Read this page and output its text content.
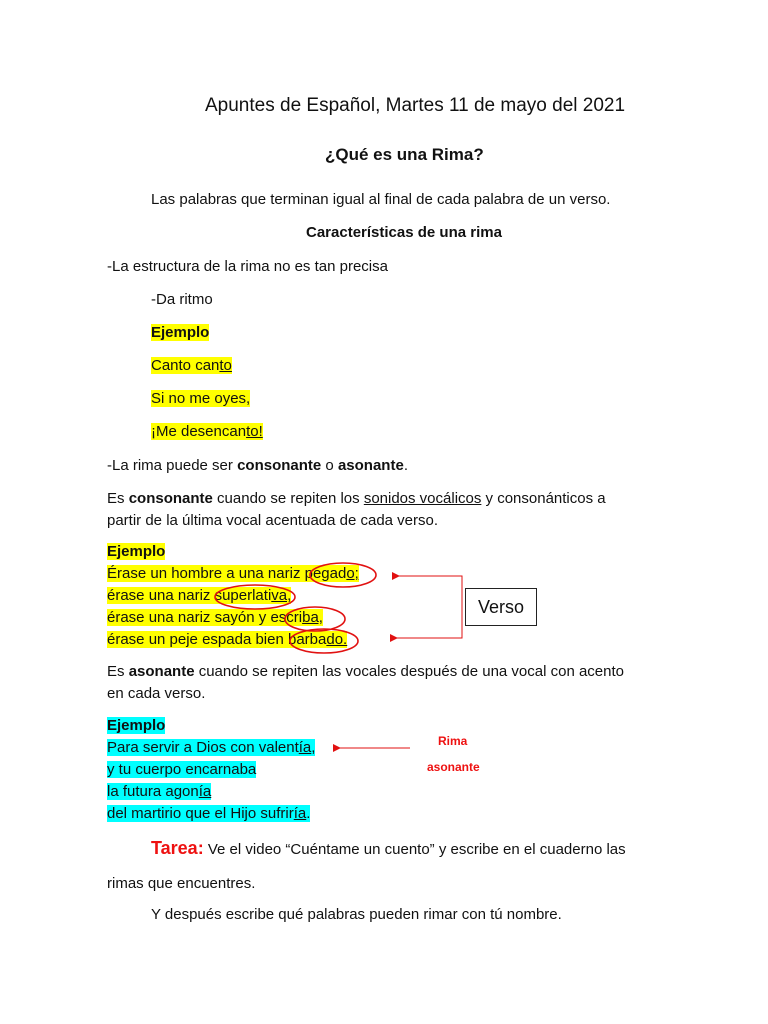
Apuntes de Español, Martes 11 de mayo del 2021
¿Qué es una Rima?
Las palabras que terminan igual al final de cada palabra de un verso.
Características de una rima
-La estructura de la rima no es tan precisa
-Da ritmo
Ejemplo
Canto canto
Si no me oyes,
¡Me desencanto!
-La rima puede ser consonante o asonante.
Es consonante cuando se repiten los sonidos vocálicos y consonánticos a
partir de la última vocal acentuada de cada verso.
Ejemplo
Érase un hombre a una nariz pegado;
érase una nariz superlativa,
érase una nariz sayón y escriba,
érase un peje espada bien barbado.
Verso
Es asonante cuando se repiten las vocales después de una vocal con acento
en cada verso.
Ejemplo
Para servir a Dios con valentía,
y tu cuerpo encarnaba
la futura agonía
del martirio que el Hijo sufriría.
Rima
asonante
Tarea: Ve el video “Cuéntame un cuento” y escribe en el cuaderno las
rimas que encuentres.
Y después escribe qué palabras pueden rimar con tú nombre.
